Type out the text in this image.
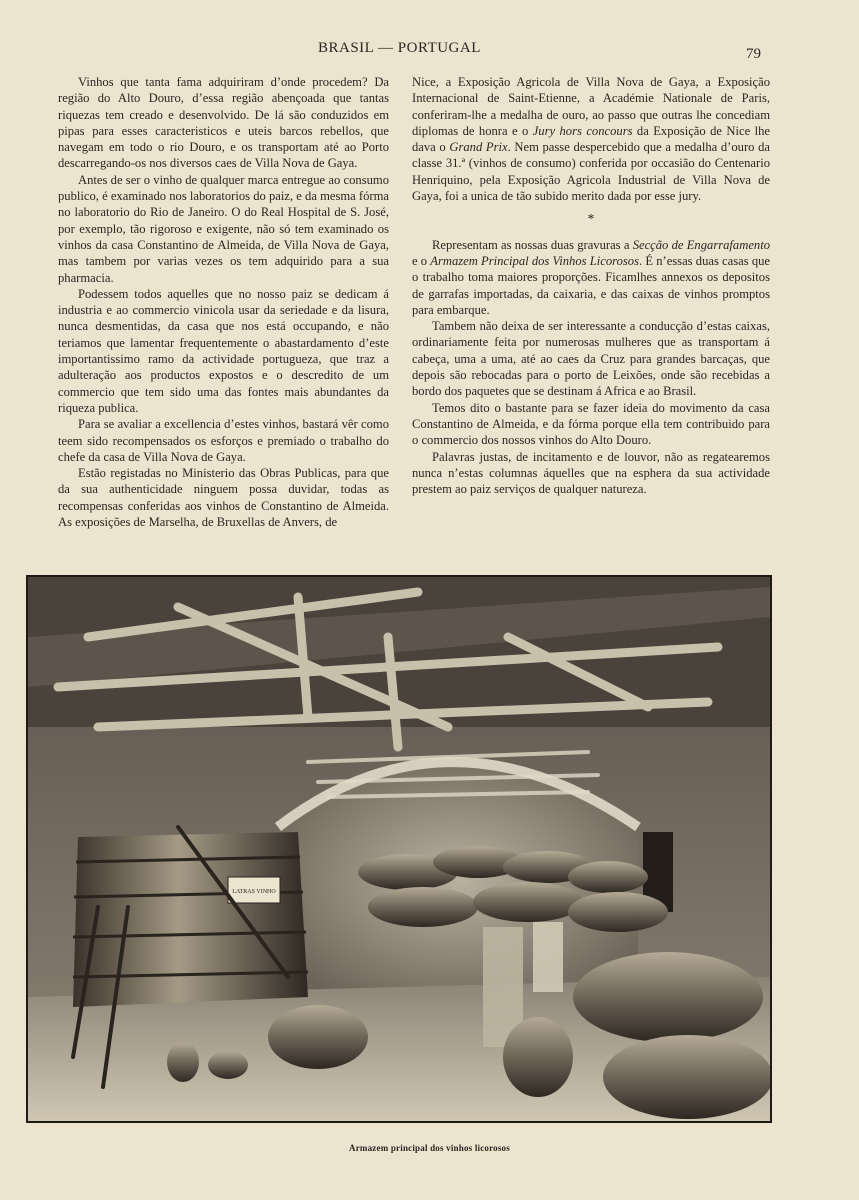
BRASIL — PORTUGAL	79

Vinhos que tanta fama adquiriram d’onde procedem? Da região do Alto Douro, d’essa região abençoada que tantas riquezas tem creado e desenvolvido. De lá são conduzidos em pipas para esses caracteristicos e uteis barcos rebellos, que navegam em todo o rio Douro, e os transportam até ao Porto descarregando-os nos diversos caes de Villa Nova de Gaya.

Antes de ser o vinho de qualquer marca entregue ao consumo publico, é examinado nos laboratorios do paiz, e da mesma fórma no laboratorio do Rio de Janeiro. O do Real Hospital de S. José, por exemplo, tão rigoroso e exigente, não só tem examinado os vinhos da casa Constantino de Almeida, de Villa Nova de Gaya, mas tambem por varias vezes os tem adquirido para a sua pharmacia.

Podessem todos aquelles que no nosso paiz se dedicam á industria e ao commercio vinicola usar da seriedade e da lisura, nunca desmentidas, da casa que nos está occupando, e não teriamos que lamentar frequentemente o abastardamento d’este importantissimo ramo da actividade portugueza, que traz a adulteração aos productos expostos e o descredito de um commercio que tem sido uma das fontes mais abundantes da riqueza publica.

Para se avaliar a excellencia d’estes vinhos, bastará vêr como teem sido recompensados os esforços e premiado o trabalho do chefe da casa de Villa Nova de Gaya.

Estão registadas no Ministerio das Obras Publicas, para que da sua authenticidade ninguem possa duvidar, todas as recompensas conferidas aos vinhos de Constantino de Almeida. As exposições de Marselha, de Bruxellas de Anvers, de

Nice, a Exposição Agricola de Villa Nova de Gaya, a Exposição Internacional de Saint-Etienne, a Académie Nationale de Paris, conferiram-lhe a medalha de ouro, ao passo que outras lhe concediam diplomas de honra e o Jury hors concours da Exposição de Nice lhe dava o Grand Prix. Nem passe despercebido que a medalha d’ouro da classe 31.ª (vinhos de consumo) conferida por occasião do Centenario Henriquino, pela Exposição Agricola Industrial de Villa Nova de Gaya, foi a unica de tão subido merito dada por esse jury.

*

Representam as nossas duas gravuras a Secção de Engarrafamento e o Armazem Principal dos Vinhos Licorosos. É n’essas duas casas que o trabalho toma maiores proporções. Ficamlhes annexos os depositos de garrafas importadas, da caixaria, e das caixas de vinhos promptos para embarque.

Tambem não deixa de ser interessante a conducção d’estas caixas, ordinariamente feita por numerosas mulheres que as transportam á cabeça, uma a uma, até ao caes da Cruz para grandes barcaças, que depois são rebocadas para o porto de Leixões, onde são recebidas a bordo dos paquetes que se destinam á Africa e ao Brasil.

Temos dito o bastante para se fazer ideia do movimento da casa Constantino de Almeida, e da fórma porque ella tem contribuido para o commercio dos nossos vinhos do Alto Douro.

Palavras justas, de incitamento e de louvor, não as regatearemos nunca n’estas columnas áquelles que na esphera da sua actividade prestem ao paiz serviços de qualquer natureza.

LATRAS VINHO
Armazem principal dos vinhos licorosos
